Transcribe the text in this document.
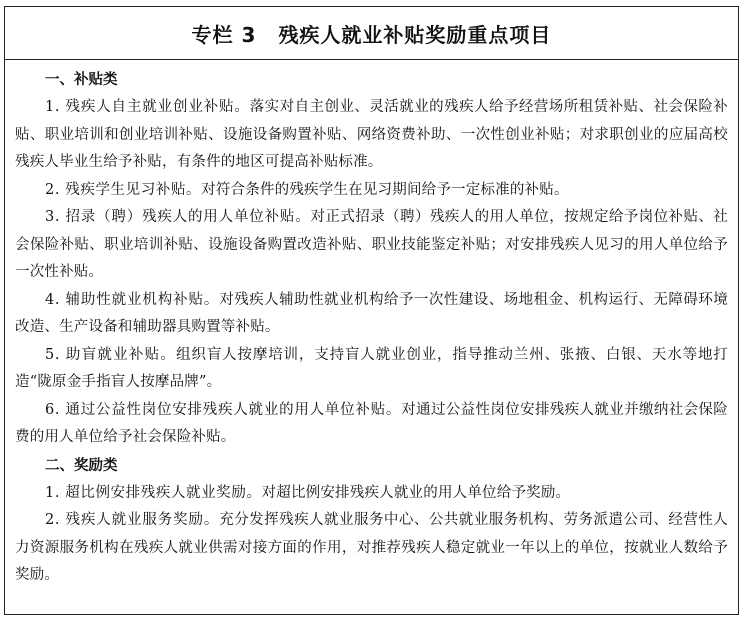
专栏 3 残疾人就业补贴奖励重点项目
一、补贴类
1. 残疾人自主就业创业补贴。落实对自主创业、灵活就业的残疾人给予经营场所租赁补贴、社会保险补贴、职业培训和创业培训补贴、设施设备购置补贴、网络资费补助、一次性创业补贴；对求职创业的应届高校残疾人毕业生给予补贴，有条件的地区可提高补贴标准。
2. 残疾学生见习补贴。对符合条件的残疾学生在见习期间给予一定标准的补贴。
3. 招录（聘）残疾人的用人单位补贴。对正式招录（聘）残疾人的用人单位，按规定给予岗位补贴、社会保险补贴、职业培训补贴、设施设备购置改造补贴、职业技能鉴定补贴；对安排残疾人见习的用人单位给予一次性补贴。
4. 辅助性就业机构补贴。对残疾人辅助性就业机构给予一次性建设、场地租金、机构运行、无障碍环境改造、生产设备和辅助器具购置等补贴。
5. 助盲就业补贴。组织盲人按摩培训，支持盲人就业创业，指导推动兰州、张掖、白银、天水等地打造“陇原金手指盲人按摩品牌”。
6. 通过公益性岗位安排残疾人就业的用人单位补贴。对通过公益性岗位安排残疾人就业并缴纳社会保险费的用人单位给予社会保险补贴。
二、奖励类
1. 超比例安排残疾人就业奖励。对超比例安排残疾人就业的用人单位给予奖励。
2. 残疾人就业服务奖励。充分发挥残疾人就业服务中心、公共就业服务机构、劳务派遣公司、经营性人力资源服务机构在残疾人就业供需对接方面的作用，对推荐残疾人稳定就业一年以上的单位，按就业人数给予奖励。
